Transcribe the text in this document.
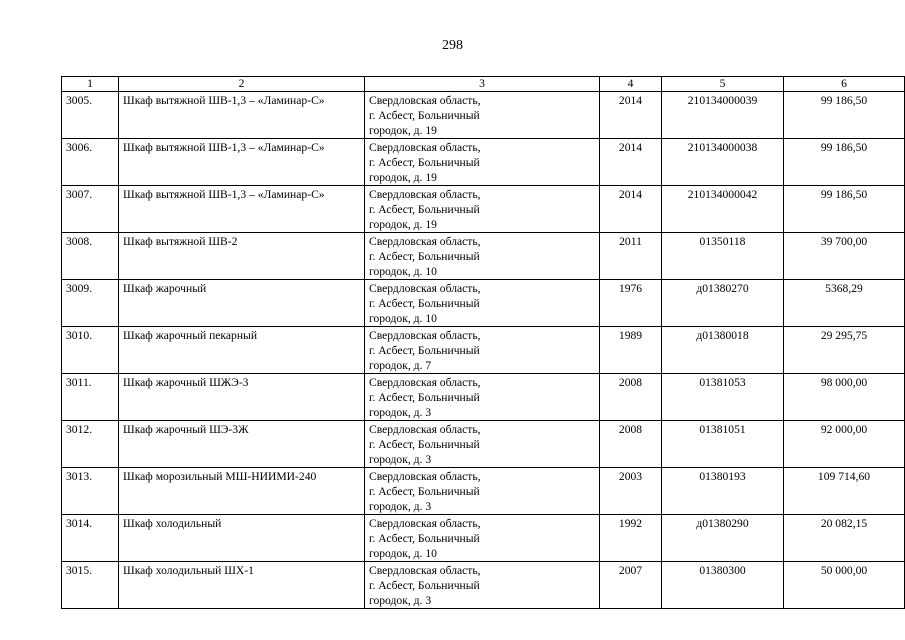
298
1	2	3	4	5	6
3005.	Шкаф вытяжной ШВ-1,3 – «Ламинар-С»	Свердловская область,
г. Асбест, Больничный
городок, д. 19	2014	210134000039	99 186,50
3006.	Шкаф вытяжной ШВ-1,3 – «Ламинар-С»	Свердловская область,
г. Асбест, Больничный
городок, д. 19	2014	210134000038	99 186,50
3007.	Шкаф вытяжной ШВ-1,3 – «Ламинар-С»	Свердловская область,
г. Асбест, Больничный
городок, д. 19	2014	210134000042	99 186,50
3008.	Шкаф вытяжной ШВ-2	Свердловская область,
г. Асбест, Больничный
городок, д. 10	2011	01350118	39 700,00
3009.	Шкаф жарочный	Свердловская область,
г. Асбест, Больничный
городок, д. 10	1976	д01380270	5368,29
3010.	Шкаф жарочный пекарный	Свердловская область,
г. Асбест, Больничный
городок, д. 7	1989	д01380018	29 295,75
3011.	Шкаф жарочный ШЖЭ-3	Свердловская область,
г. Асбест, Больничный
городок, д. 3	2008	01381053	98 000,00
3012.	Шкаф жарочный ШЭ-3Ж	Свердловская область,
г. Асбест, Больничный
городок, д. 3	2008	01381051	92 000,00
3013.	Шкаф морозильный МШ-НИИМИ-240	Свердловская область,
г. Асбест, Больничный
городок, д. 3	2003	01380193	109 714,60
3014.	Шкаф холодильный	Свердловская область,
г. Асбест, Больничный
городок, д. 10	1992	д01380290	20 082,15
3015.	Шкаф холодильный ШХ-1	Свердловская область,
г. Асбест, Больничный
городок, д. 3	2007	01380300	50 000,00
